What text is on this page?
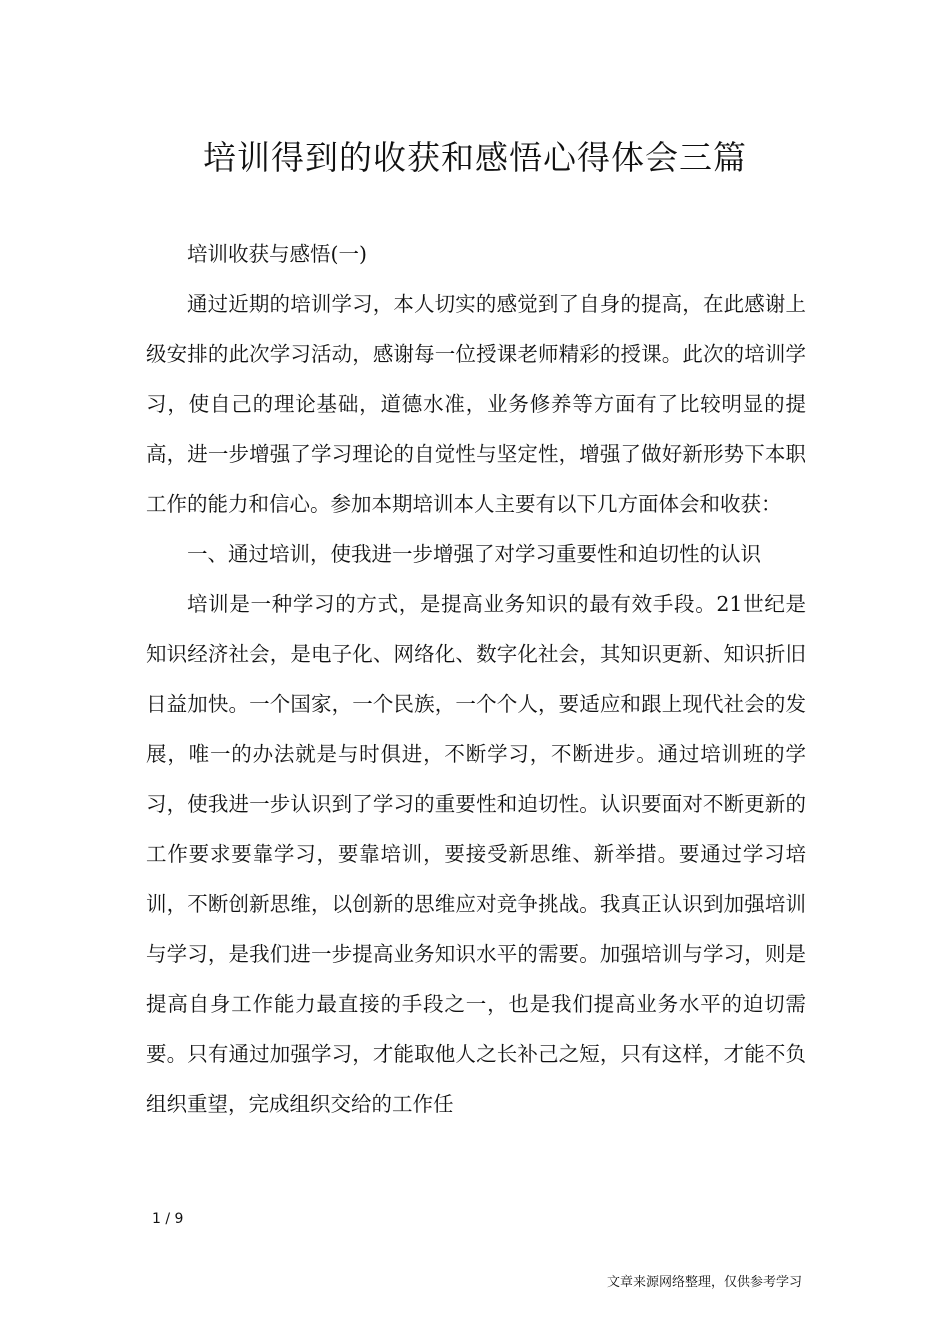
培训得到的收获和感悟心得体会三篇

培训收获与感悟(一)

通过近期的培训学习，本人切实的感觉到了自身的提高，在此感谢上级安排的此次学习活动，感谢每一位授课老师精彩的授课。此次的培训学习，使自己的理论基础，道德水准，业务修养等方面有了比较明显的提高，进一步增强了学习理论的自觉性与坚定性，增强了做好新形势下本职工作的能力和信心。参加本期培训本人主要有以下几方面体会和收获：

一、通过培训，使我进一步增强了对学习重要性和迫切性的认识

培训是一种学习的方式，是提高业务知识的最有效手段。21世纪是知识经济社会，是电子化、网络化、数字化社会，其知识更新、知识折旧日益加快。一个国家，一个民族，一个个人，要适应和跟上现代社会的发展，唯一的办法就是与时俱进，不断学习，不断进步。通过培训班的学习，使我进一步认识到了学习的重要性和迫切性。认识要面对不断更新的工作要求要靠学习，要靠培训，要接受新思维、新举措。要通过学习培训，不断创新思维，以创新的思维应对竞争挑战。我真正认识到加强培训与学习，是我们进一步提高业务知识水平的需要。加强培训与学习，则是提高自身工作能力最直接的手段之一，也是我们提高业务水平的迫切需要。只有通过加强学习，才能取他人之长补己之短，只有这样，才能不负组织重望，完成组织交给的工作任

1 / 9
文章来源网络整理，仅供参考学习
